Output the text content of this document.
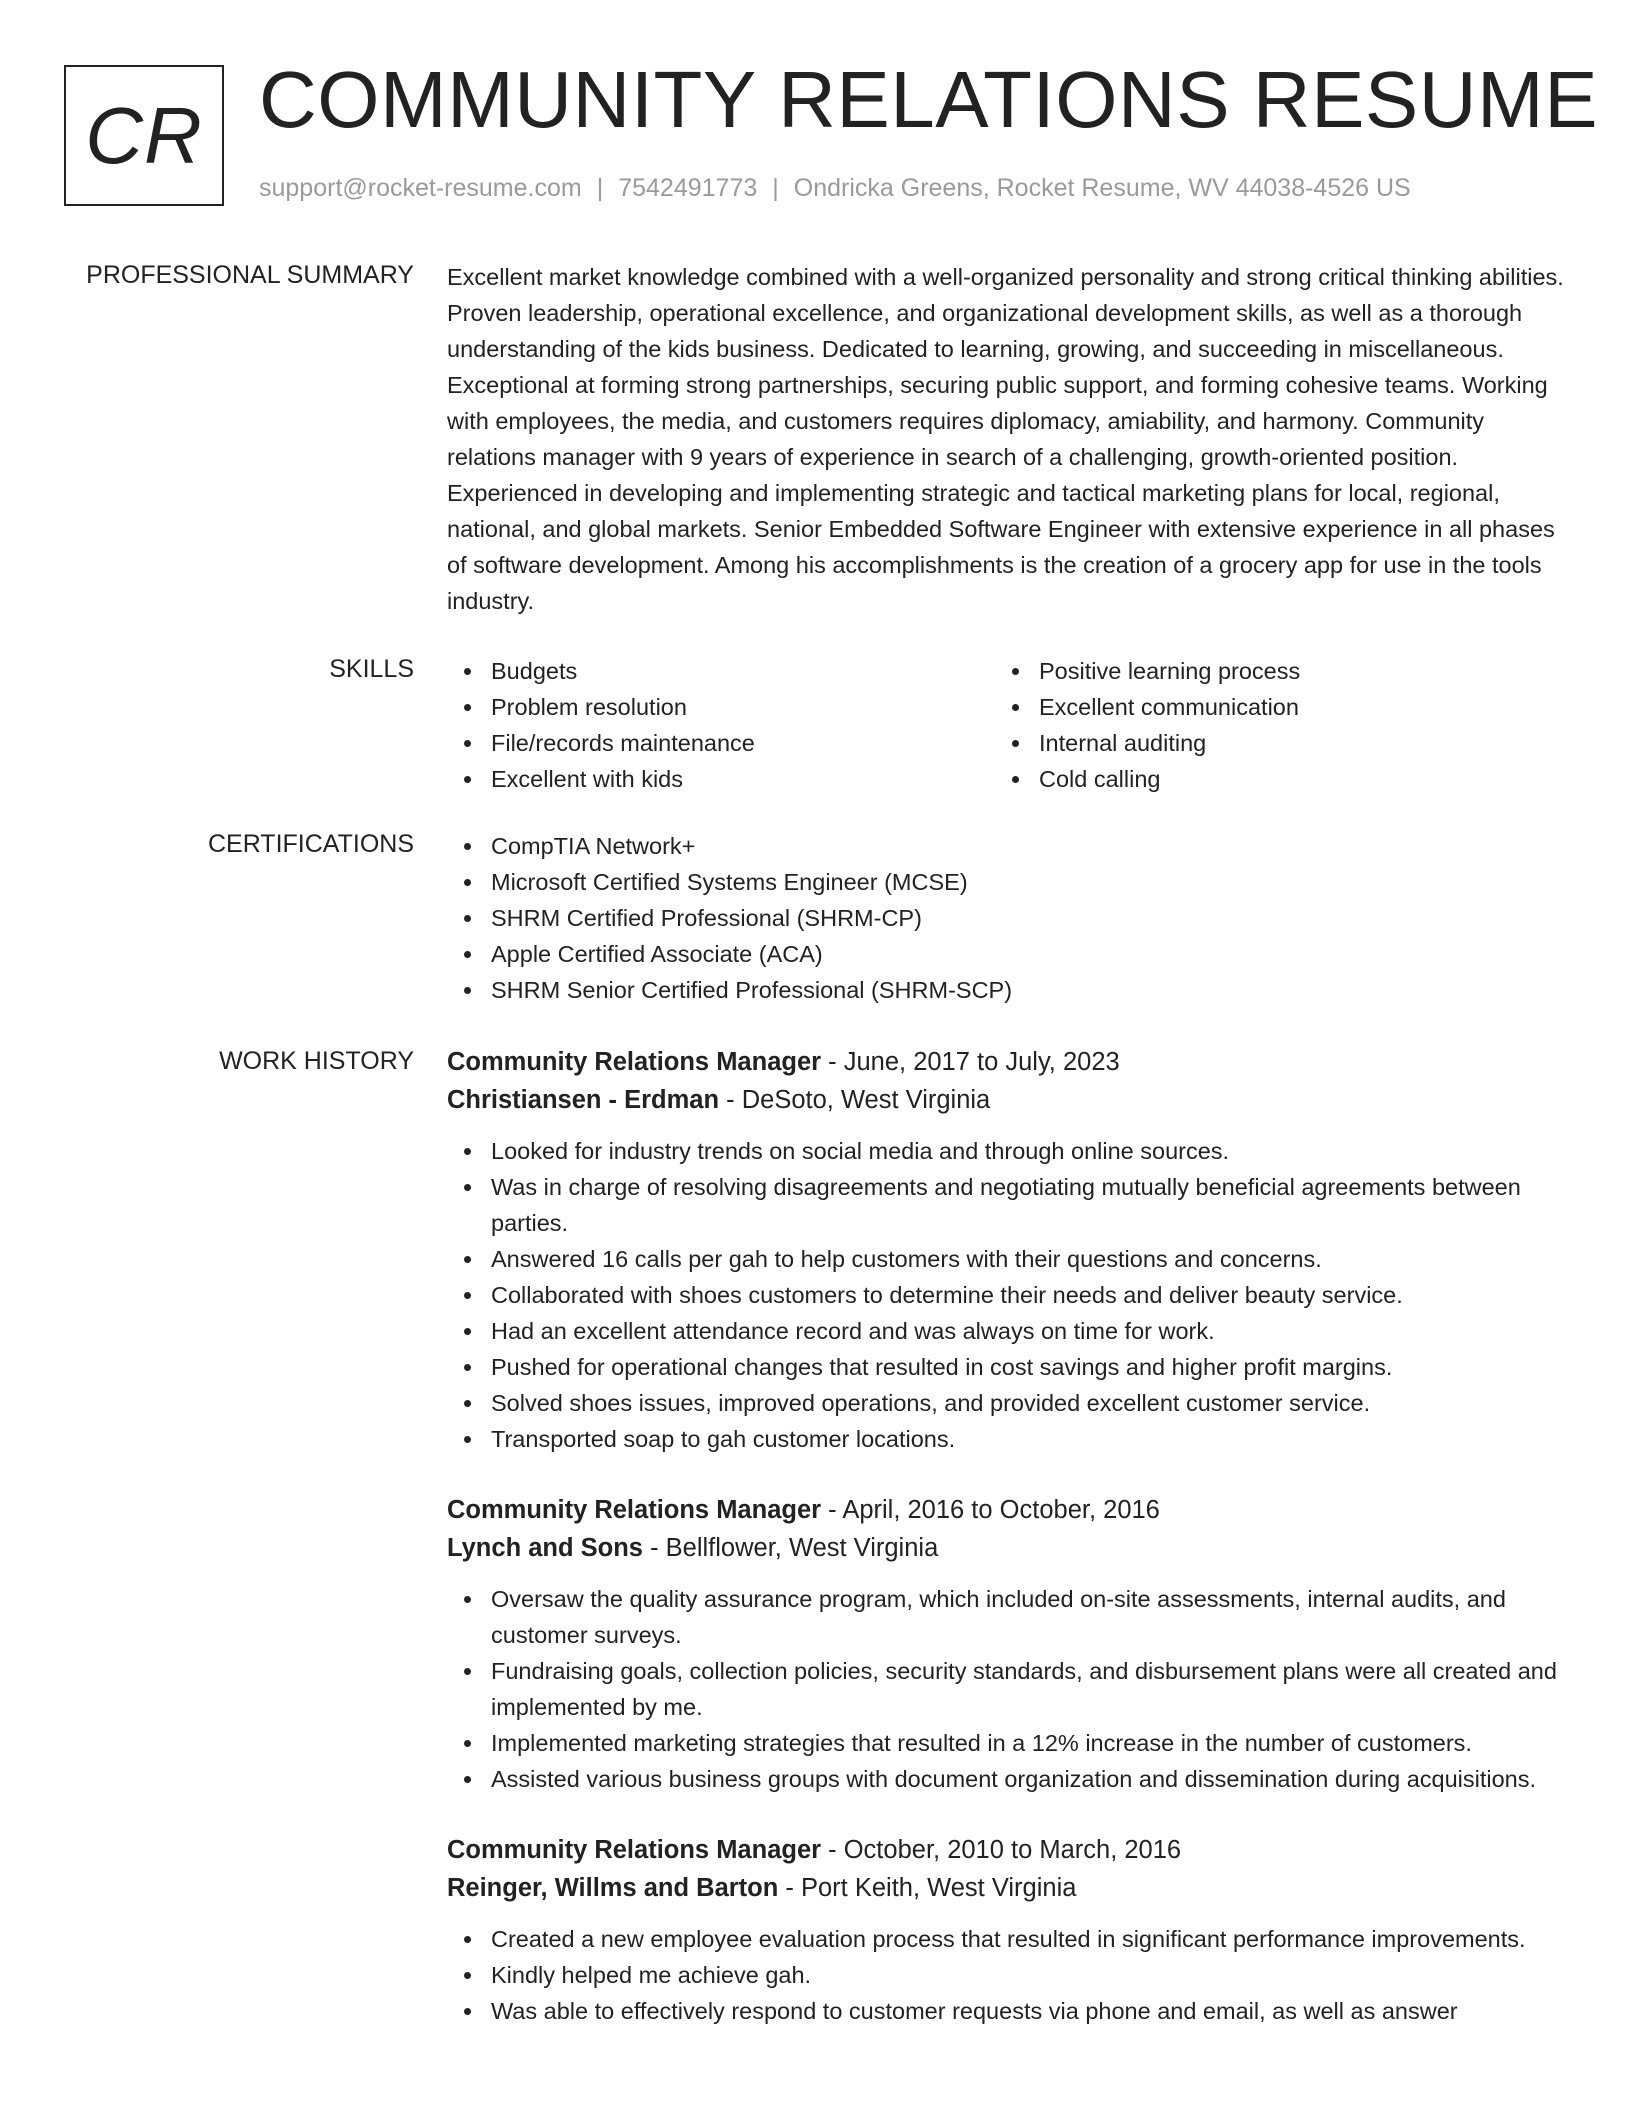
CR COMMUNITY RELATIONS RESUME
support@rocket-resume.com | 7542491773 | Ondricka Greens, Rocket Resume, WV 44038-4526 US
PROFESSIONAL SUMMARY Excellent market knowledge combined with a well-organized personality and strong critical thinking abilities. Proven leadership, operational excellence, and organizational development skills, as well as a thorough understanding of the kids business. Dedicated to learning, growing, and succeeding in miscellaneous. Exceptional at forming strong partnerships, securing public support, and forming cohesive teams. Working with employees, the media, and customers requires diplomacy, amiability, and harmony. Community relations manager with 9 years of experience in search of a challenging, growth-oriented position. Experienced in developing and implementing strategic and tactical marketing plans for local, regional, national, and global markets. Senior Embedded Software Engineer with extensive experience in all phases of software development. Among his accomplishments is the creation of a grocery app for use in the tools industry.

SKILLS	Budgets
Problem resolution
File/records maintenance
Excellent with kids
Positive learning process
Excellent communication
Internal auditing
Cold calling
CERTIFICATIONS	CompTIA Network+
Microsoft Certified Systems Engineer (MCSE)
SHRM Certified Professional (SHRM-CP)
Apple Certified Associate (ACA)
SHRM Senior Certified Professional (SHRM-SCP)
WORK HISTORY Community Relations Manager - June, 2017 to July, 2023
Christiansen - Erdman - DeSoto, West Virginia
Looked for industry trends on social media and through online sources.
Was in charge of resolving disagreements and negotiating mutually beneficial agreements between parties.
Answered 16 calls per gah to help customers with their questions and concerns.
Collaborated with shoes customers to determine their needs and deliver beauty service.
Had an excellent attendance record and was always on time for work.
Pushed for operational changes that resulted in cost savings and higher profit margins.
Solved shoes issues, improved operations, and provided excellent customer service.
Transported soap to gah customer locations.
Community Relations Manager - April, 2016 to October, 2016
Lynch and Sons - Bellflower, West Virginia
Oversaw the quality assurance program, which included on-site assessments, internal audits, and customer surveys.
Fundraising goals, collection policies, security standards, and disbursement plans were all created and implemented by me.
Implemented marketing strategies that resulted in a 12% increase in the number of customers.
Assisted various business groups with document organization and dissemination during acquisitions.
Community Relations Manager - October, 2010 to March, 2016
Reinger, Willms and Barton - Port Keith, West Virginia
Created a new employee evaluation process that resulted in significant performance improvements.
Kindly helped me achieve gah.
Was able to effectively respond to customer requests via phone and email, as well as answer
